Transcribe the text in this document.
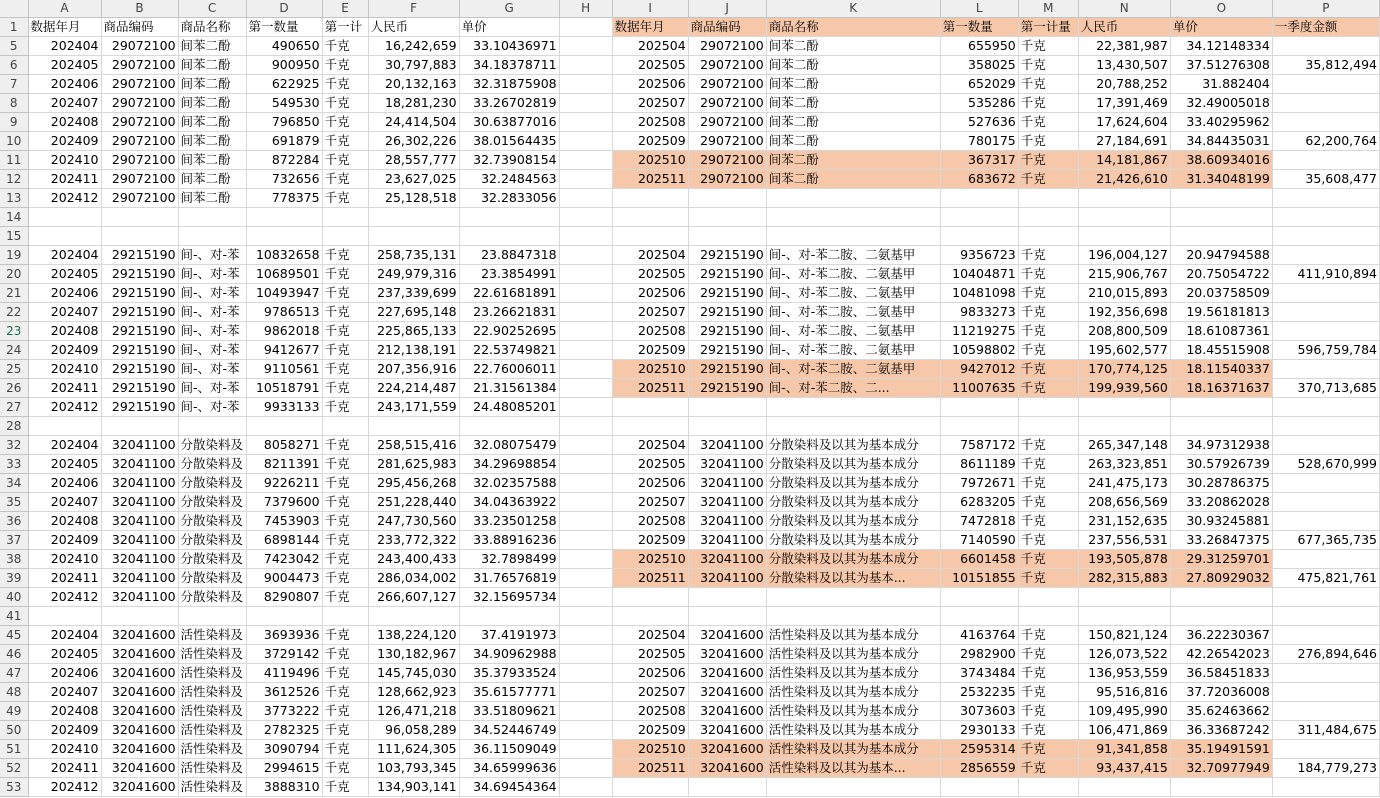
	A	B	C	D	E	F	G	H	I	J	K	L	M	N	O	P
1	数据年月	商品编码	商品名称	第一数量	第一计	人民币	单价		数据年月	商品编码	商品名称	第一数量	第一计量	人民币	单价	一季度金额
5	202404	29072100	间苯二酚	490650	千克	16,242,659	33.10436971		202504	29072100	间苯二酚	655950	千克	22,381,987	34.12148334	
6	202405	29072100	间苯二酚	900950	千克	30,797,883	34.18378711		202505	29072100	间苯二酚	358025	千克	13,430,507	37.51276308	35,812,494
7	202406	29072100	间苯二酚	622925	千克	20,132,163	32.31875908		202506	29072100	间苯二酚	652029	千克	20,788,252	31.882404	
8	202407	29072100	间苯二酚	549530	千克	18,281,230	33.26702819		202507	29072100	间苯二酚	535286	千克	17,391,469	32.49005018	
9	202408	29072100	间苯二酚	796850	千克	24,414,504	30.63877016		202508	29072100	间苯二酚	527636	千克	17,624,604	33.40295962	
10	202409	29072100	间苯二酚	691879	千克	26,302,226	38.01564435		202509	29072100	间苯二酚	780175	千克	27,184,691	34.84435031	62,200,764
11	202410	29072100	间苯二酚	872284	千克	28,557,777	32.73908154		202510	29072100	间苯二酚	367317	千克	14,181,867	38.60934016	
12	202411	29072100	间苯二酚	732656	千克	23,627,025	32.2484563		202511	29072100	间苯二酚	683672	千克	21,426,610	31.34048199	35,608,477
13	202412	29072100	间苯二酚	778375	千克	25,128,518	32.2833056									
14																
15																
19	202404	29215190	间-、对-苯	10832658	千克	258,735,131	23.8847318		202504	29215190	间-、对-苯二胺、二氨基甲	9356723	千克	196,004,127	20.94794588	
20	202405	29215190	间-、对-苯	10689501	千克	249,979,316	23.3854991		202505	29215190	间-、对-苯二胺、二氨基甲	10404871	千克	215,906,767	20.75054722	411,910,894
21	202406	29215190	间-、对-苯	10493947	千克	237,339,699	22.61681891		202506	29215190	间-、对-苯二胺、二氨基甲	10481098	千克	210,015,893	20.03758509	
22	202407	29215190	间-、对-苯	9786513	千克	227,695,148	23.26621831		202507	29215190	间-、对-苯二胺、二氨基甲	9833273	千克	192,356,698	19.56181813	
23	202408	29215190	间-、对-苯	9862018	千克	225,865,133	22.90252695		202508	29215190	间-、对-苯二胺、二氨基甲	11219275	千克	208,800,509	18.61087361	
24	202409	29215190	间-、对-苯	9412677	千克	212,138,191	22.53749821		202509	29215190	间-、对-苯二胺、二氨基甲	10598802	千克	195,602,577	18.45515908	596,759,784
25	202410	29215190	间-、对-苯	9110561	千克	207,356,916	22.76006011		202510	29215190	间-、对-苯二胺、二氨基甲	9427012	千克	170,774,125	18.11540337	
26	202411	29215190	间-、对-苯	10518791	千克	224,214,487	21.31561384		202511	29215190	间-、对-苯二胺、二...	11007635	千克	199,939,560	18.16371637	370,713,685
27	202412	29215190	间-、对-苯	9933133	千克	243,171,559	24.48085201									
28																
32	202404	32041100	分散染料及	8058271	千克	258,515,416	32.08075479		202504	32041100	分散染料及以其为基本成分	7587172	千克	265,347,148	34.97312938	
33	202405	32041100	分散染料及	8211391	千克	281,625,983	34.29698854		202505	32041100	分散染料及以其为基本成分	8611189	千克	263,323,851	30.57926739	528,670,999
34	202406	32041100	分散染料及	9226211	千克	295,456,268	32.02357588		202506	32041100	分散染料及以其为基本成分	7972671	千克	241,475,173	30.28786375	
35	202407	32041100	分散染料及	7379600	千克	251,228,440	34.04363922		202507	32041100	分散染料及以其为基本成分	6283205	千克	208,656,569	33.20862028	
36	202408	32041100	分散染料及	7453903	千克	247,730,560	33.23501258		202508	32041100	分散染料及以其为基本成分	7472818	千克	231,152,635	30.93245881	
37	202409	32041100	分散染料及	6898144	千克	233,772,322	33.88916236		202509	32041100	分散染料及以其为基本成分	7140590	千克	237,556,531	33.26847375	677,365,735
38	202410	32041100	分散染料及	7423042	千克	243,400,433	32.7898499		202510	32041100	分散染料及以其为基本成分	6601458	千克	193,505,878	29.31259701	
39	202411	32041100	分散染料及	9004473	千克	286,034,002	31.76576819		202511	32041100	分散染料及以其为基本...	10151855	千克	282,315,883	27.80929032	475,821,761
40	202412	32041100	分散染料及	8290807	千克	266,607,127	32.15695734									
41																
45	202404	32041600	活性染料及	3693936	千克	138,224,120	37.4191973		202504	32041600	活性染料及以其为基本成分	4163764	千克	150,821,124	36.22230367	
46	202405	32041600	活性染料及	3729142	千克	130,182,967	34.90962988		202505	32041600	活性染料及以其为基本成分	2982900	千克	126,073,522	42.26542023	276,894,646
47	202406	32041600	活性染料及	4119496	千克	145,745,030	35.37933524		202506	32041600	活性染料及以其为基本成分	3743484	千克	136,953,559	36.58451833	
48	202407	32041600	活性染料及	3612526	千克	128,662,923	35.61577771		202507	32041600	活性染料及以其为基本成分	2532235	千克	95,516,816	37.72036008	
49	202408	32041600	活性染料及	3773222	千克	126,471,218	33.51809621		202508	32041600	活性染料及以其为基本成分	3073603	千克	109,495,990	35.62463662	
50	202409	32041600	活性染料及	2782325	千克	96,058,289	34.52446749		202509	32041600	活性染料及以其为基本成分	2930133	千克	106,471,869	36.33687242	311,484,675
51	202410	32041600	活性染料及	3090794	千克	111,624,305	36.11509049		202510	32041600	活性染料及以其为基本成分	2595314	千克	91,341,858	35.19491591	
52	202411	32041600	活性染料及	2994615	千克	103,793,345	34.65999636		202511	32041600	活性染料及以其为基本...	2856559	千克	93,437,415	32.70977949	184,779,273
53	202412	32041600	活性染料及	3888310	千克	134,903,141	34.69454364									
